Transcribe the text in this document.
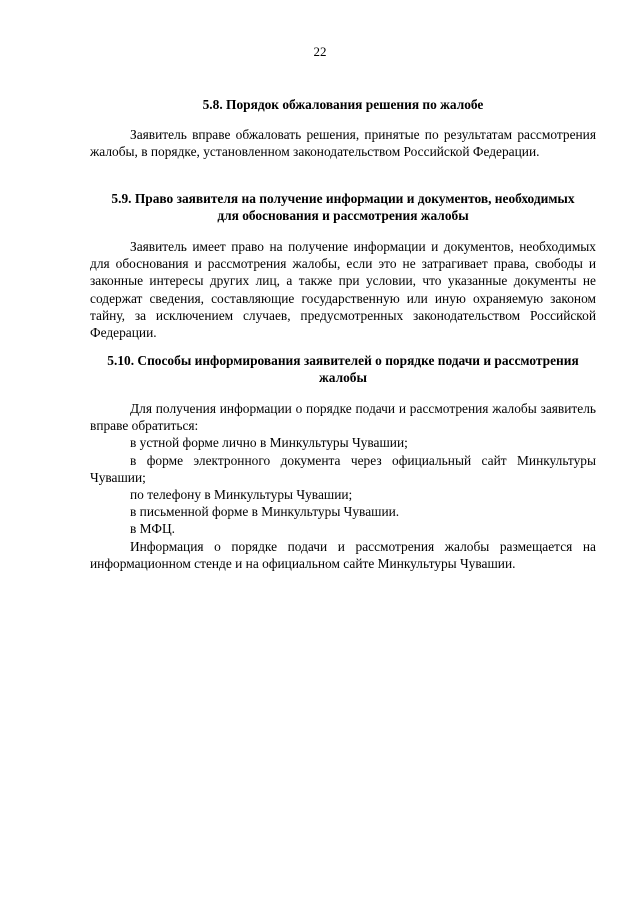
22
5.8. Порядок обжалования решения по жалобе
Заявитель вправе обжаловать решения, принятые по результатам рассмотрения жалобы, в порядке, установленном законодательством Российской Федерации.
5.9. Право заявителя на получение информации и документов, необходимых
для обоснования и рассмотрения жалобы
Заявитель имеет право на получение информации и документов, необходимых для обоснования и рассмотрения жалобы, если это не затрагивает права, свободы и законные интересы других лиц, а также при условии, что указанные документы не содержат сведения, составляющие государственную или иную охраняемую законом тайну, за исключением случаев, предусмотренных законодательством Российской Федерации.
5.10. Способы информирования заявителей о порядке подачи и рассмотрения
жалобы
Для получения информации о порядке подачи и рассмотрения жалобы заявитель вправе обратиться:
в устной форме лично в Минкультуры Чувашии;
в форме электронного документа через официальный сайт Минкультуры Чувашии;
по телефону в Минкультуры Чувашии;
в письменной форме в Минкультуры Чувашии.
в МФЦ.
Информация о порядке подачи и рассмотрения жалобы размещается на информационном стенде и на официальном сайте Минкультуры Чувашии.
